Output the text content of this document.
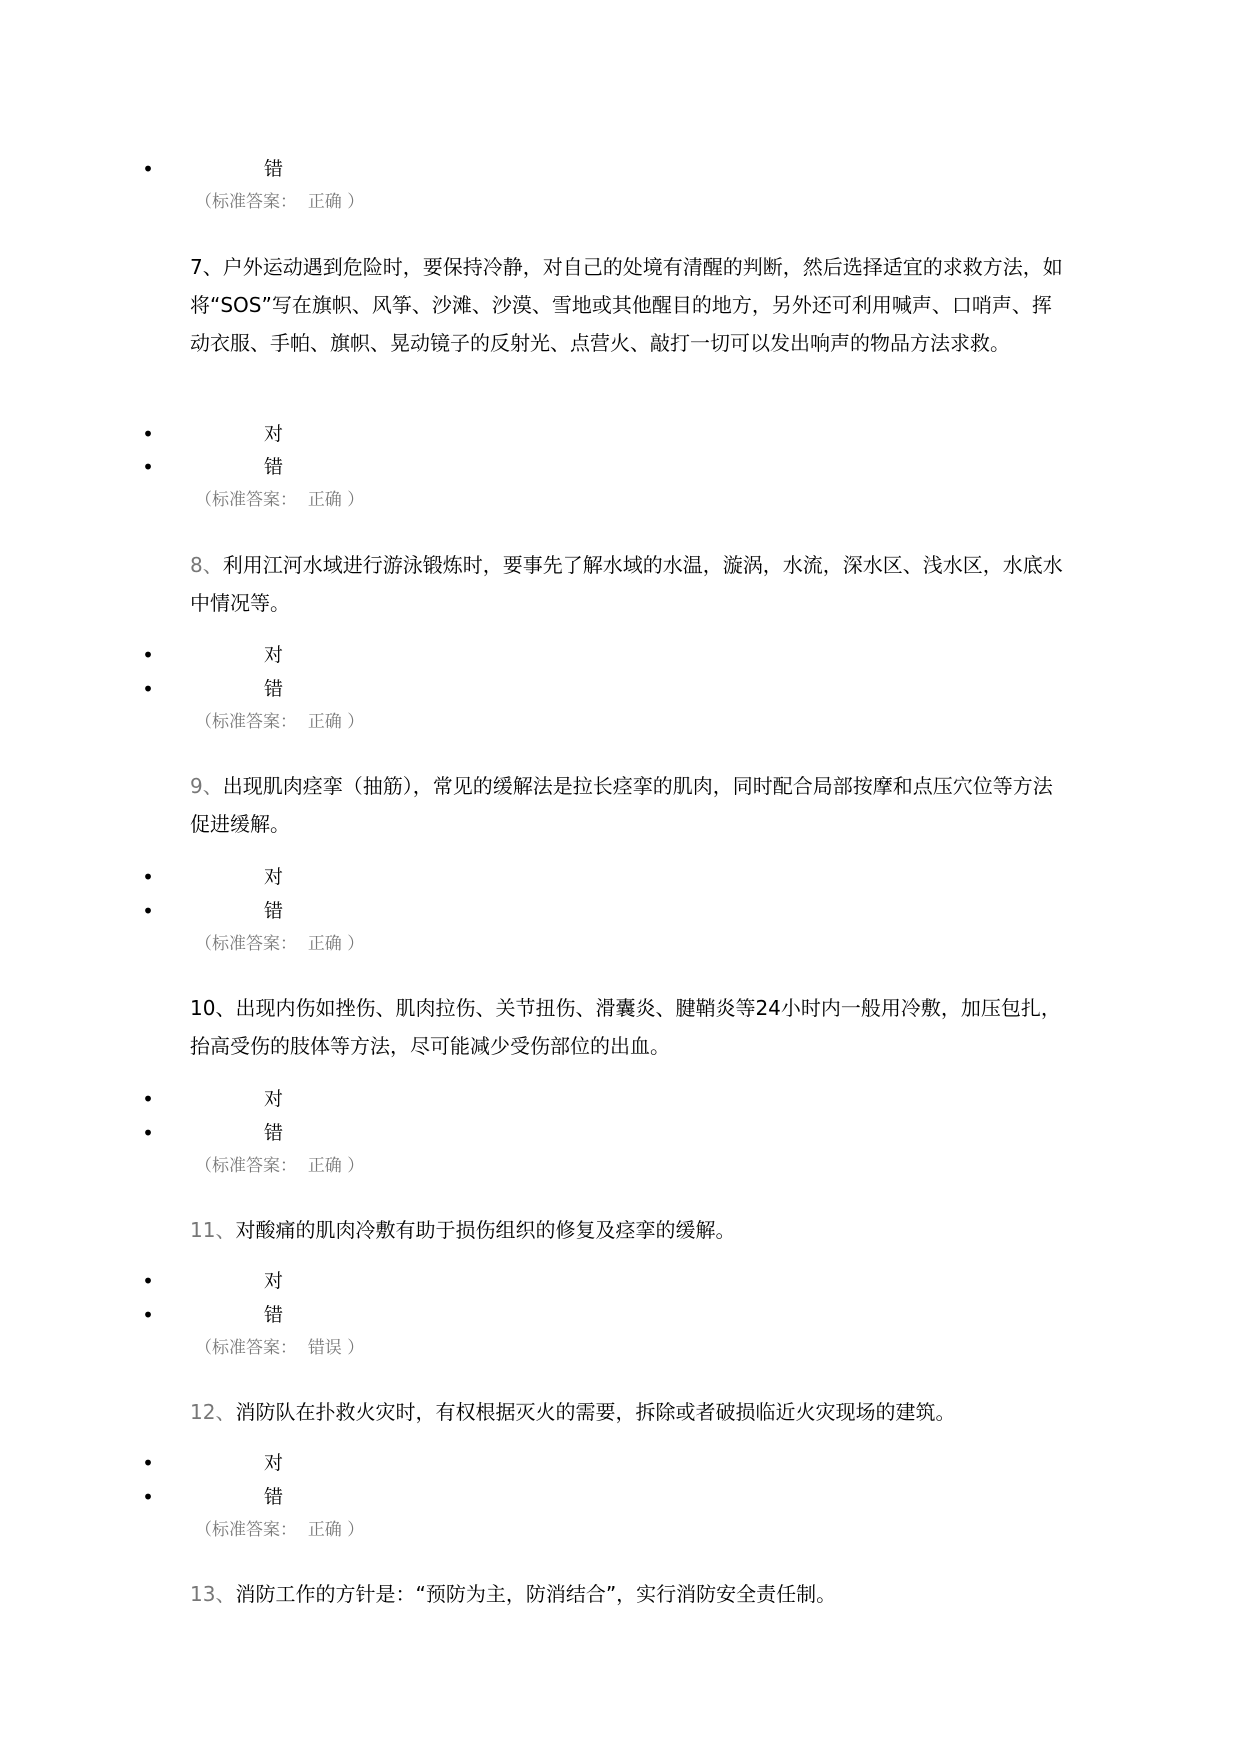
•	错
（标准答案：  正确 ）
7、户外运动遇到危险时，要保持冷静，对自己的处境有清醒的判断，然后选择适宜的求救方法，如将“SOS”写在旗帜、风筝、沙滩、沙漠、雪地或其他醒目的地方，另外还可利用喊声、口哨声、挥动衣服、手帕、旗帜、晃动镜子的反射光、点营火、敲打一切可以发出响声的物品方法求救。
•	对
•	错
（标准答案：  正确 ）
8、利用江河水域进行游泳锻炼时，要事先了解水域的水温，漩涡，水流，深水区、浅水区，水底水中情况等。
•	对
•	错
（标准答案：  正确 ）
9、出现肌肉痉挛（抽筋），常见的缓解法是拉长痉挛的肌肉，同时配合局部按摩和点压穴位等方法促进缓解。
•	对
•	错
（标准答案：  正确 ）
10、出现内伤如挫伤、肌肉拉伤、关节扭伤、滑囊炎、腱鞘炎等24小时内一般用冷敷，加压包扎，抬高受伤的肢体等方法，尽可能减少受伤部位的出血。
•	对
•	错
（标准答案：  正确 ）
11、对酸痛的肌肉冷敷有助于损伤组织的修复及痉挛的缓解。
•	对
•	错
（标准答案：  错误 ）
12、消防队在扑救火灾时，有权根据灭火的需要，拆除或者破损临近火灾现场的建筑。
•	对
•	错
（标准答案：  正确 ）
13、消防工作的方针是：“预防为主，防消结合”，实行消防安全责任制。
